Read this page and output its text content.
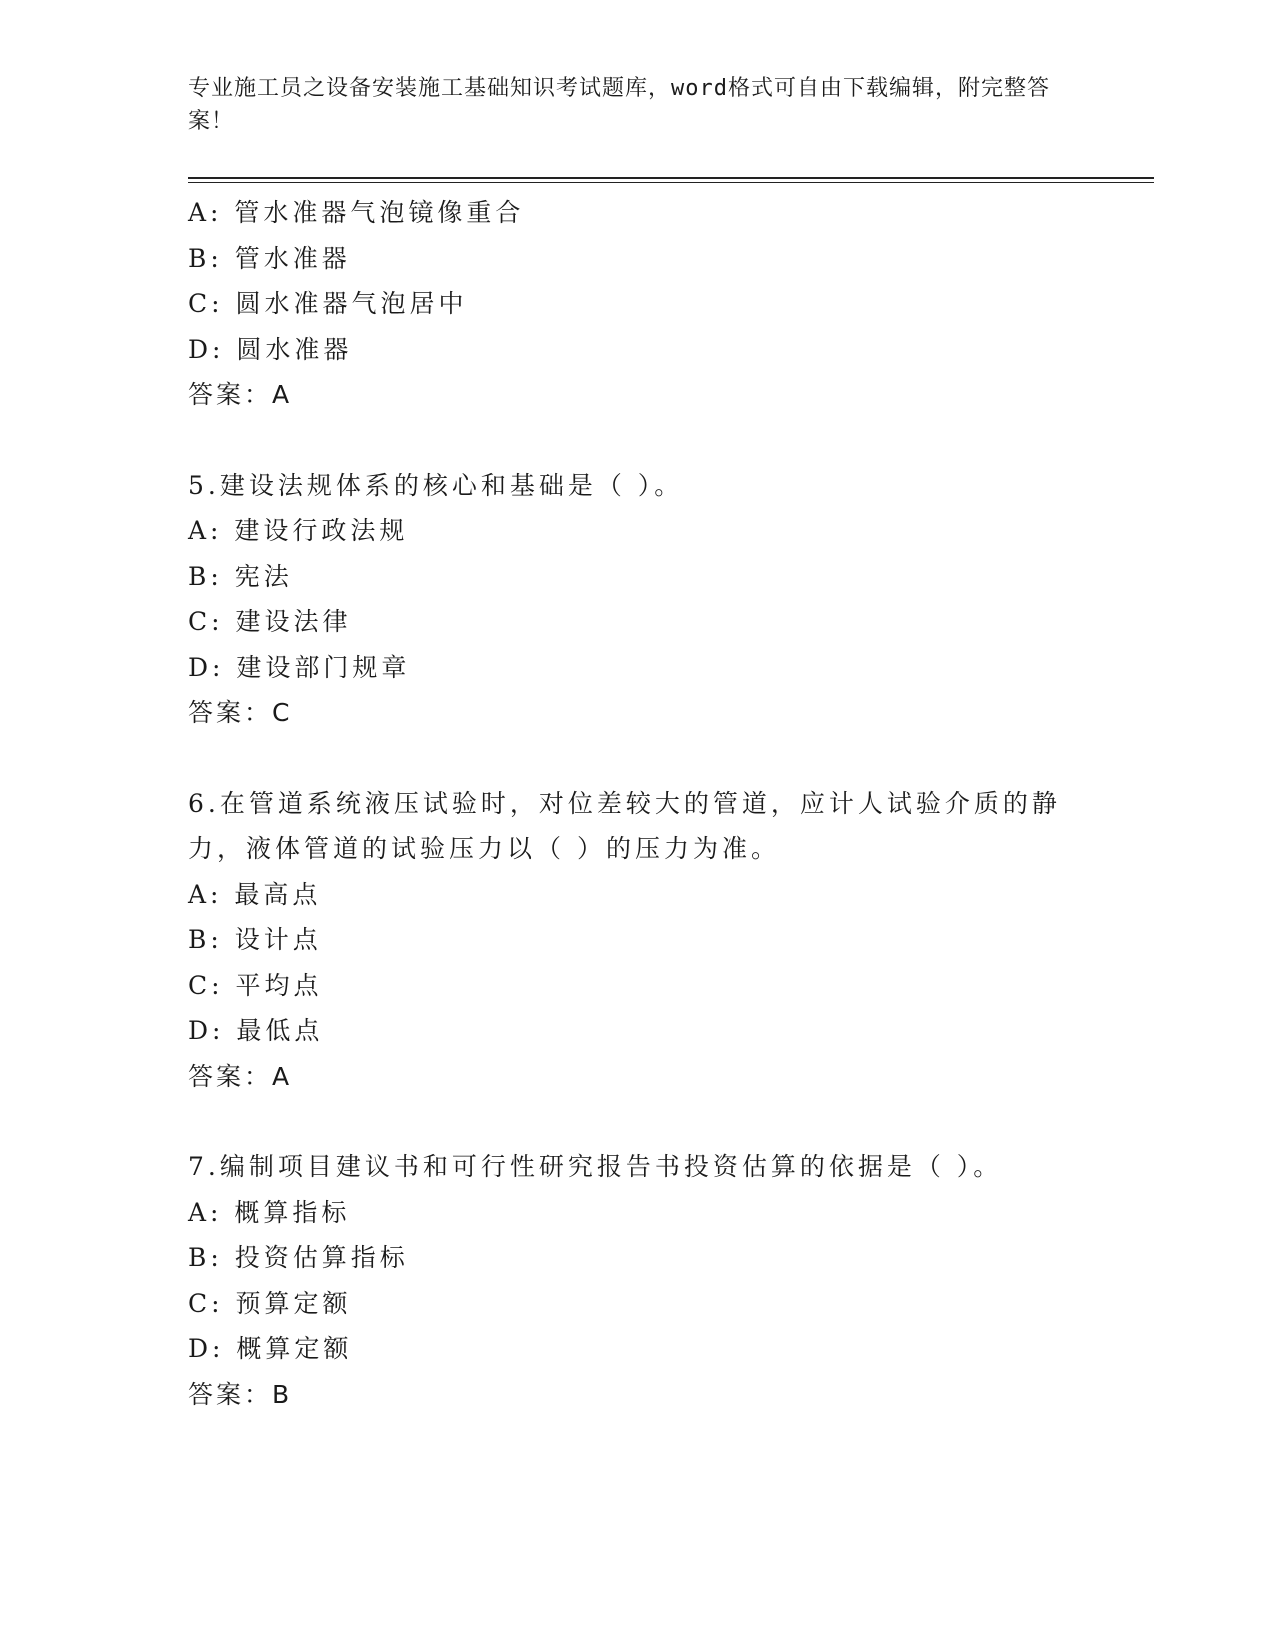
专业施工员之设备安装施工基础知识考试题库，word格式可自由下载编辑，附完整答案！
A: 管水准器气泡镜像重合
B: 管水准器
C: 圆水准器气泡居中
D: 圆水准器
答案：A
5.建设法规体系的核心和基础是（ ）。
A: 建设行政法规
B: 宪法
C: 建设法律
D: 建设部门规章
答案：C
6.在管道系统液压试验时，对位差较大的管道，应计人试验介质的静力，液体管道的试验压力以（ ）的压力为准。
A: 最高点
B: 设计点
C: 平均点
D: 最低点
答案：A
7.编制项目建议书和可行性研究报告书投资估算的依据是（ ）。
A: 概算指标
B: 投资估算指标
C: 预算定额
D: 概算定额
答案：B
